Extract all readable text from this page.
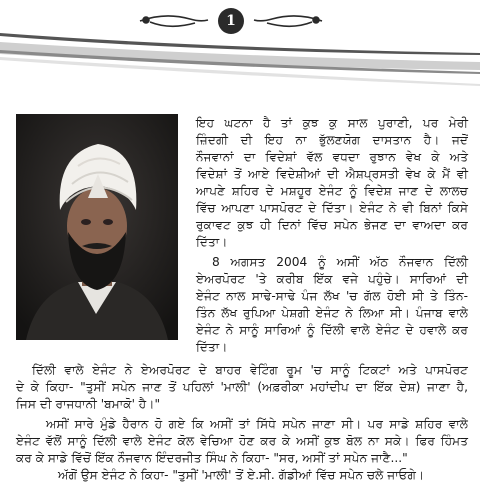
1
ਇਹ ਘਟਨਾ ਹੈ ਤਾਂ ਕੁਝ ਕੁ ਸਾਲ ਪੁਰਾਣੀ, ਪਰ ਮੇਰੀ
ਜ਼ਿੰਦਗੀ ਦੀ ਇਹ ਨਾ ਭੁੱਲਣਯੋਗ ਦਾਸਤਾਨ ਹੈ। ਜਦੋਂ
ਨੌਜਵਾਨਾਂ ਦਾ ਵਿਦੇਸ਼ਾਂ ਵੱਲ ਵਧਦਾ ਰੁਝਾਨ ਵੇਖ ਕੇ ਅਤੇ
ਵਿਦੇਸ਼ਾਂ ਤੋਂ ਆਏ ਵਿਦੇਸ਼ੀਆਂ ਦੀ ਐਸ਼ਪ੍ਰਸਤੀ ਵੇਖ ਕੇ ਮੈਂ ਵੀ
ਆਪਣੇ ਸ਼ਹਿਰ ਦੇ ਮਸ਼ਹੂਰ ਏਜੰਟ ਨੂੰ ਵਿਦੇਸ਼ ਜਾਣ ਦੇ ਲਾਲਚ
ਵਿੱਚ ਆਪਣਾ ਪਾਸਪੋਰਟ ਦੇ ਦਿੱਤਾ। ਏਜੰਟ ਨੇ ਵੀ ਬਿਨਾਂ ਕਿਸੇ
ਰੁਕਾਵਟ ਕੁਝ ਹੀ ਦਿਨਾਂ ਵਿੱਚ ਸਪੇਨ ਭੇਜਣ ਦਾ ਵਾਅਦਾ ਕਰ
ਦਿੱਤਾ।
8 ਅਗਸਤ 2004 ਨੂੰ ਅਸੀਂ ਅੱਠ ਨੌਜਵਾਨ ਦਿੱਲੀ
ਏਅਰਪੋਰਟ 'ਤੇ ਕਰੀਬ ਇੱਕ ਵਜੇ ਪਹੁੰਚੇ। ਸਾਰਿਆਂ ਦੀ
ਏਜੰਟ ਨਾਲ ਸਾਢੇ-ਸਾਢੇ ਪੰਜ ਲੱਖ 'ਚ ਗੱਲ ਹੋਈ ਸੀ ਤੇ ਤਿੰਨ-
ਤਿੰਨ ਲੱਖ ਰੁਪਿਆ ਪੇਸ਼ਗੀ ਏਜੰਟ ਨੇ ਲਿਆ ਸੀ। ਪੰਜਾਬ ਵਾਲੇ
ਏਜੰਟ ਨੇ ਸਾਨੂੰ ਸਾਰਿਆਂ ਨੂੰ ਦਿੱਲੀ ਵਾਲੇ ਏਜੰਟ ਦੇ ਹਵਾਲੇ ਕਰ
ਦਿੱਤਾ।
ਦਿੱਲੀ ਵਾਲੇ ਏਜੰਟ ਨੇ ਏਅਰਪੋਰਟ ਦੇ ਬਾਹਰ ਵੇਟਿੰਗ ਰੂਮ 'ਚ ਸਾਨੂੰ ਟਿਕਟਾਂ ਅਤੇ ਪਾਸਪੋਰਟ
ਦੇ ਕੇ ਕਿਹਾ- "ਤੁਸੀਂ ਸਪੇਨ ਜਾਣ ਤੋਂ ਪਹਿਲਾਂ 'ਮਾਲੀ' (ਅਫ਼ਰੀਕਾ ਮਹਾਂਦੀਪ ਦਾ ਇੱਕ ਦੇਸ਼) ਜਾਣਾ ਹੈ,
ਜਿਸ ਦੀ ਰਾਜਧਾਨੀ 'ਬਮਾਕੋ' ਹੈ।"
ਅਸੀਂ ਸਾਰੇ ਮੁੰਡੇ ਹੈਰਾਨ ਹੋ ਗਏ ਕਿ ਅਸੀਂ ਤਾਂ ਸਿੱਧੇ ਸਪੇਨ ਜਾਣਾ ਸੀ। ਪਰ ਸਾਡੇ ਸ਼ਹਿਰ ਵਾਲੇ
ਏਜੰਟ ਵੱਲੋਂ ਸਾਨੂੰ ਦਿੱਲੀ ਵਾਲੇ ਏਜੰਟ ਕੋਲ ਵੇਚਿਆ ਹੋਣ ਕਰ ਕੇ ਅਸੀਂ ਕੁਝ ਬੋਲ ਨਾ ਸਕੇ। ਫਿਰ ਹਿੰਮਤ
ਕਰ ਕੇ ਸਾਡੇ ਵਿੱਚੋਂ ਇੱਕ ਨੌਜਵਾਨ ਇੰਦਰਜੀਤ ਸਿੰਘ ਨੇ ਕਿਹਾ- "ਸਰ, ਅਸੀਂ ਤਾਂ ਸਪੇਨ ਜਾਣੈ..."
ਅੱਗੋਂ ਉਸ ਏਜੰਟ ਨੇ ਕਿਹਾ- "ਤੁਸੀਂ 'ਮਾਲੀ' ਤੋਂ ਏ.ਸੀ. ਗੱਡੀਆਂ ਵਿੱਚ ਸਪੇਨ ਚਲੇ ਜਾਓਗੇ।
